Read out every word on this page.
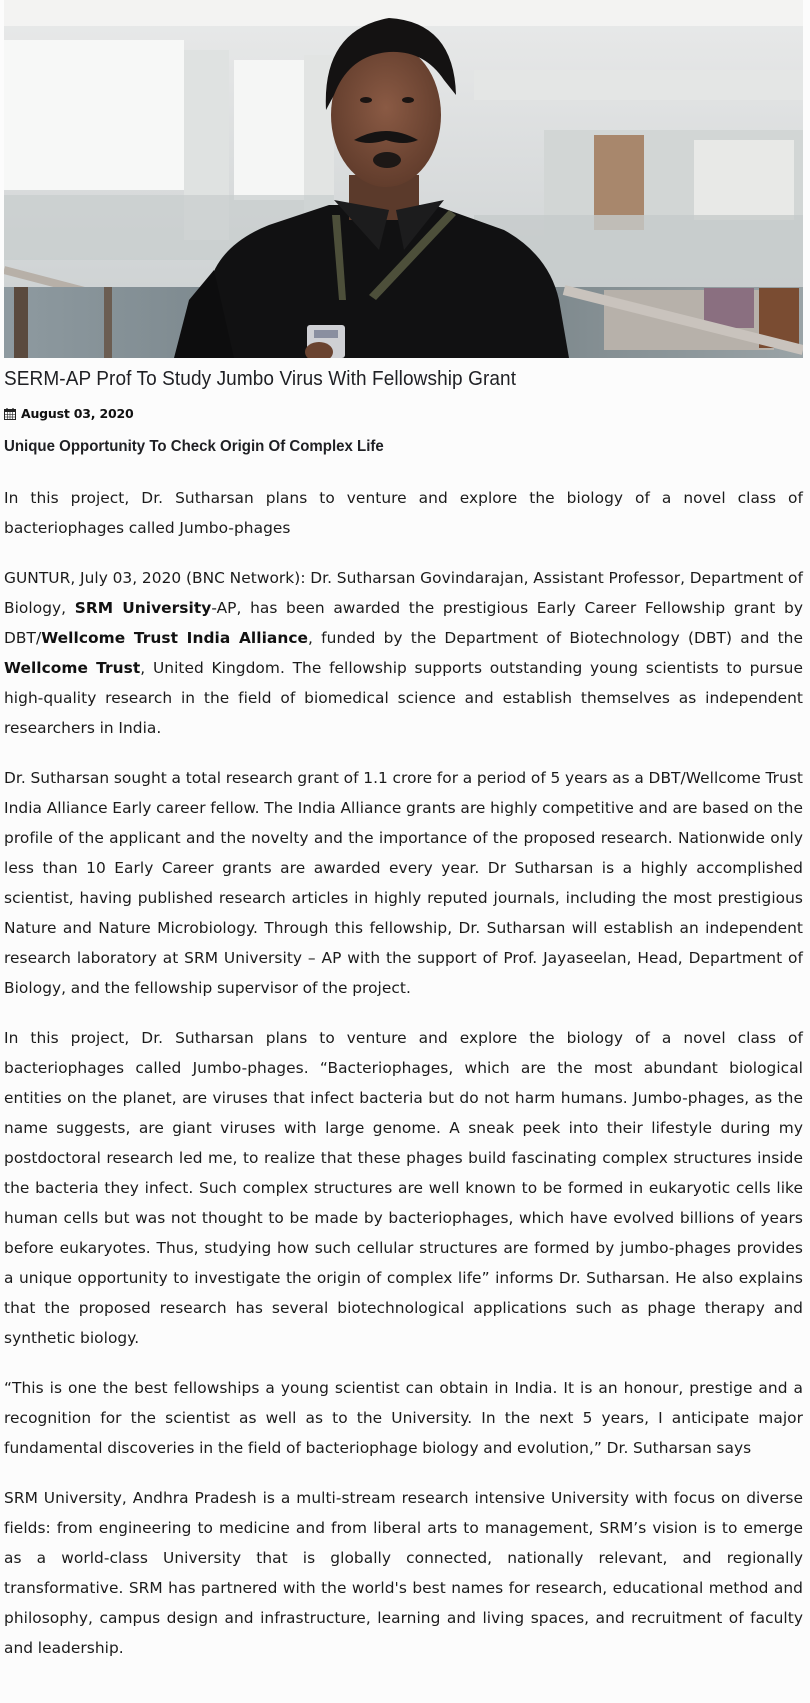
SERM-AP Prof To Study Jumbo Virus With Fellowship Grant
August 03, 2020
Unique Opportunity To Check Origin Of Complex Life

In this project, Dr. Sutharsan plans to venture and explore the biology of a novel class of bacteriophages called Jumbo-phages

GUNTUR, July 03, 2020 (BNC Network): Dr. Sutharsan Govindarajan, Assistant Professor, Department of Biology, SRM University-AP, has been awarded the prestigious Early Career Fellowship grant by DBT/Wellcome Trust India Alliance, funded by the Department of Biotechnology (DBT) and the Wellcome Trust, United Kingdom. The fellowship supports outstanding young scientists to pursue high-quality research in the field of biomedical science and establish themselves as independent researchers in India.

Dr. Sutharsan sought a total research grant of 1.1 crore for a period of 5 years as a DBT/Wellcome Trust India Alliance Early career fellow. The India Alliance grants are highly competitive and are based on the profile of the applicant and the novelty and the importance of the proposed research. Nationwide only less than 10 Early Career grants are awarded every year. Dr Sutharsan is a highly accomplished scientist, having published research articles in highly reputed journals, including the most prestigious Nature and Nature Microbiology. Through this fellowship, Dr. Sutharsan will establish an independent research laboratory at SRM University – AP with the support of Prof. Jayaseelan, Head, Department of Biology, and the fellowship supervisor of the project.

In this project, Dr. Sutharsan plans to venture and explore the biology of a novel class of bacteriophages called Jumbo-phages. “Bacteriophages, which are the most abundant biological entities on the planet, are viruses that infect bacteria but do not harm humans. Jumbo-phages, as the name suggests, are giant viruses with large genome. A sneak peek into their lifestyle during my postdoctoral research led me, to realize that these phages build fascinating complex structures inside the bacteria they infect. Such complex structures are well known to be formed in eukaryotic cells like human cells but was not thought to be made by bacteriophages, which have evolved billions of years before eukaryotes. Thus, studying how such cellular structures are formed by jumbo-phages provides a unique opportunity to investigate the origin of complex life” informs Dr. Sutharsan. He also explains that the proposed research has several biotechnological applications such as phage therapy and synthetic biology.

“This is one the best fellowships a young scientist can obtain in India. It is an honour, prestige and a recognition for the scientist as well as to the University. In the next 5 years, I anticipate major fundamental discoveries in the field of bacteriophage biology and evolution,” Dr. Sutharsan says

SRM University, Andhra Pradesh is a multi-stream research intensive University with focus on diverse fields: from engineering to medicine and from liberal arts to management, SRM’s vision is to emerge as a world-class University that is globally connected, nationally relevant, and regionally transformative. SRM has partnered with the world's best names for research, educational method and philosophy, campus design and infrastructure, learning and living spaces, and recruitment of faculty and leadership.
